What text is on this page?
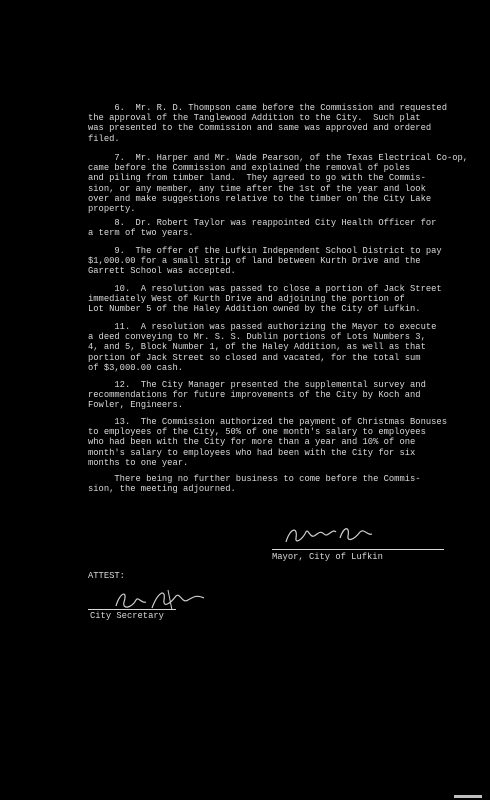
6.  Mr. R. D. Thompson came before the Commission and requested
the approval of the Tanglewood Addition to the City.  Such plat
was presented to the Commission and same was approved and ordered
filed.

7.  Mr. Harper and Mr. Wade Pearson, of the Texas Electrical Co-op,
came before the Commission and explained the removal of poles
and piling from timber land.  They agreed to go with the Commis-
sion, or any member, any time after the 1st of the year and look
over and make suggestions relative to the timber on the City Lake
property.

8.  Dr. Robert Taylor was reappointed City Health Officer for
a term of two years.

9.  The offer of the Lufkin Independent School District to pay
$1,000.00 for a small strip of land between Kurth Drive and the
Garrett School was accepted.

10.  A resolution was passed to close a portion of Jack Street
immediately West of Kurth Drive and adjoining the portion of
Lot Number 5 of the Haley Addition owned by the City of Lufkin.

11.  A resolution was passed authorizing the Mayor to execute
a deed conveying to Mr. S. S. Dublin portions of Lots Numbers 3,
4, and 5, Block Number 1, of the Haley Addition, as well as that
portion of Jack Street so closed and vacated, for the total sum
of $3,000.00 cash.

12.  The City Manager presented the supplemental survey and
recommendations for future improvements of the City by Koch and
Fowler, Engineers.

13.  The Commission authorized the payment of Christmas Bonuses
to employees of the City, 50% of one month's salary to employees
who had been with the City for more than a year and 10% of one
month's salary to employees who had been with the City for six
months to one year.

There being no further business to come before the Commis-
sion, the meeting adjourned.

Mayor, City of Lufkin
ATTEST:
City Secretary
